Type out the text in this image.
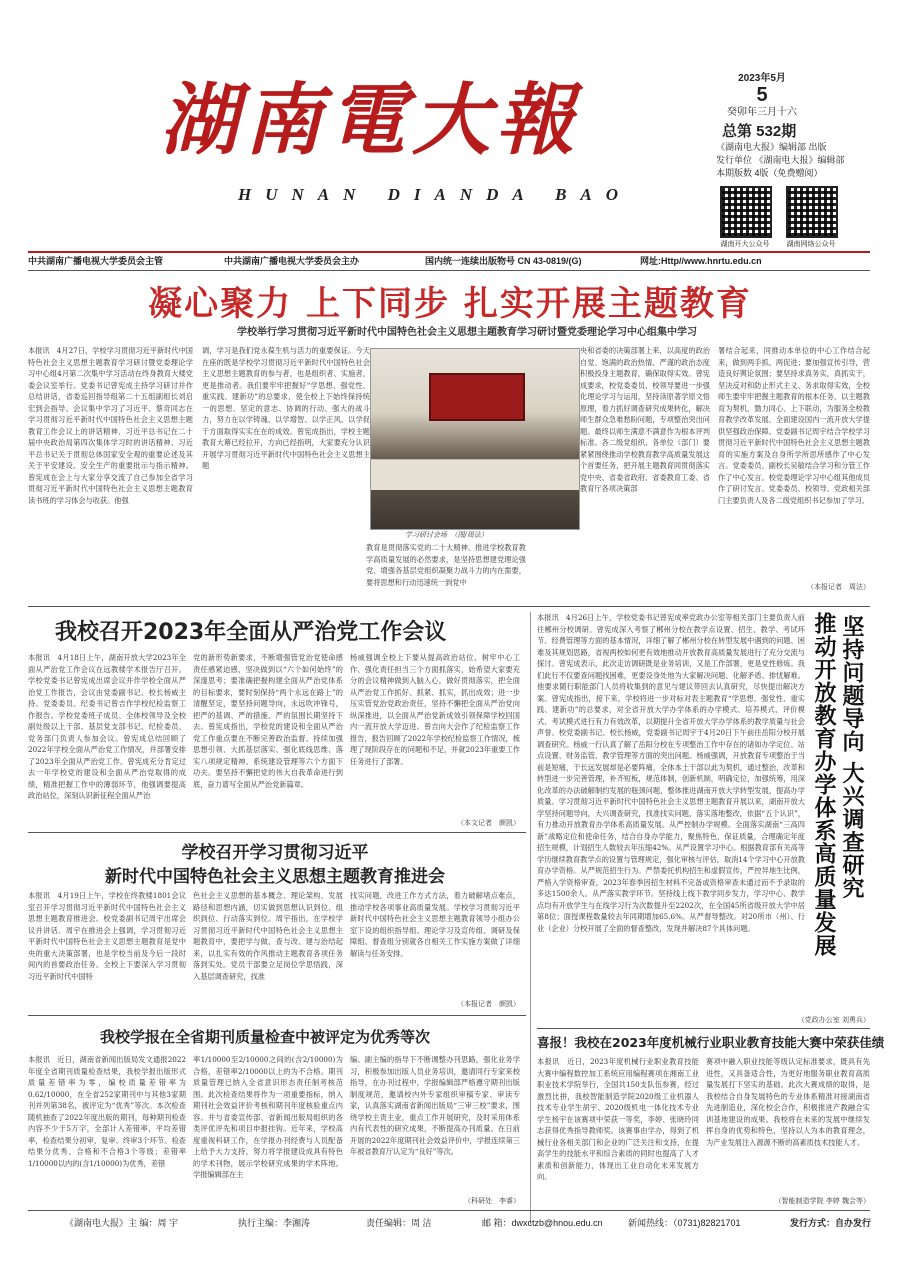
湖南電大報
HUNAN DIANDA BAO
2023年5月
5
癸卯年三月十六
总第 532期
《湖南电大报》编辑部 出版
发行单位 《湖南电大报》编辑部
本期版数 4版（免费赠阅）
湖南开大公众号	湖南网络公众号
中共湖南广播电视大学委员会主管	中共湖南广播电视大学委员会主办	国内统一连续出版物号 CN 43-0819/(G)	网址:Http//www.hnrtu.edu.cn
凝心聚力 上下同步 扎实开展主题教育
学校举行学习贯彻习近平新时代中国特色社会主义思想主题教育学习研讨暨党委理论学习中心组集中学习
本报讯　4月27日，学校学习贯彻习近平新时代中国特色社会主义思想主题教育学习研讨暨党委理论学习中心组4月第二次集中学习活动在终身教育大楼党委会议室举行。党委书记曾宪成主持学习研讨并作总结讲话，省委巡回指导组第二十五组副组长刘启宏到会指导。会议集中学习了习近平、蔡奇同志在学习贯彻习近平新时代中国特色社会主义思想主题教育工作会议上的讲话精神、习近平总书记在二十届中央政治局第四次集体学习时的讲话精神、习近平总书记关于贯彻总体国家安全观的重要论述及其关于平安建设、安全生产的重要批示与指示精神。曾宪成在会上与大家分享交流了自己参加全省学习贯彻习近平新时代中国特色社会主义思想主题教育读书班的学习体会与收获。他强
调，学习是我们党永葆生机与活力的重要保证。今天在座的既是学校学习贯彻习近平新时代中国特色社会主义思想主题教育的参与者，也是组织者、实施者，更是推动者。我们要牢牢把握好“学思想、强党性、重实践、建新功”的总要求，使全校上下始终保持统一的思想、坚定的意志、协调的行动、强大的战斗力，努力在以学铸魂、以学增智、以学正风、以学促干方面取得实实在在的成效。曾宪成指出，学校主题教育大幕已经拉开，方向已经指明，大家要充分认识开展学习贯彻习近平新时代中国特色社会主义思想主题
学习研讨会场　（图/周法）
教育是贯彻落实党的二十大精神、推进学校教育教学高质量发展的必然要求，是坚持思想建党理论强党、增强各基层党组织凝聚力战斗力的内在需要，要将思想和行动迅速统一到党中
央和省委的决策部署上来，以高度的政治自觉、饱满的政治热情、严谨的政治态度积极投身主题教育，确保取得实效。曾宪成要求，校党委委员、校领导要进一步强化理论学习与运用，坚持读原著学原文悟原理，着力抓好调查研究成果转化，解决师生群众急难愁盼问题，专项整治突出问题。最终以师生满意不满意作为根本评判标准。各二级党组织、各单位（部门）要紧紧围绕推动学校教育教学高质量发展这个首要任务，把开展主题教育同贯彻落实党中央、省委省政府、省委教育工委、省教育厅各项决策部
署结合起来，同推动本单位的中心工作结合起来，做到两手抓、两促进；要加强宣传引导，营造良好舆论氛围；要坚持求真务实，真抓实干，坚决反对和防止形式主义、务求取得实效，全校师生要牢牢把握主题教育的根本任务，以主题教育为契机，勠力同心、上下联动，为服务全校教育教学改革发展、全面建设国内一流开放大学提供坚强政治保障。党委副书记周宇结合学校学习贯彻习近平新时代中国特色社会主义思想主题教育的实施方案及自身所学所思所感作了中心发言。党委委员、副校长吴敏结合学习和分管工作作了中心发言。校党委理论学习中心组其他成员作了研讨发言。党委委员、校领导、党政相关部门主要负责人及各二级党组织书记参加了学习。
（本报记者　周法）
我校召开2023年全面从严治党工作会议
本报讯　4月18日上午，湖南开放大学2023年全面从严治党工作会议在远教楼学术报告厅召开。学校党委书记曾宪成出席会议并作学校全面从严治党工作报告，会议由党委副书记、校长杨威主持。党委委员、纪委书记曾吉作学校纪检监察工作报告。学校党委班子成员、全体校领导及全校副处级以上干部、基层党支部书记、纪检委员、党务部门负责人参加会议。曾宪成总结回顾了2022年学校全面从严治党工作情况，并部署安排了2023年全面从严治党工作。曾宪成充分肯定过去一年学校党的建设和全面从严治党取得的成绩，精准把握工作中的薄弱环节，他强调要提高政治站位，深刻认识新征程全面从严治
党的新形势新要求，不断增强管党治党使命感责任感紧迫感，坚决做到以“六个如何始终”的深邃思考；要准确把握构建全面从严治党体系的目标要求，要时刻保持“两个永远在路上”的清醒坚定，要坚持问题导向，永远吹冲锋号，把严的基调、严的措施、严的氛围长期坚持下去。曾宪成指出，学校党的建设和全面从严治党工作重点要在不断完善政治监督、持续加强思想引领、大抓基层落实、强化底线思维、落实八项规定精神、系统建设管理等六个方面下功夫。要坚持不懈把党的伟大自我革命进行到底，奋力谱写全面从严治党新篇章。
杨威强调全校上下要从提高政治站位、树牢中心工作、强化责任担当三个方面抓落实，始希望大家要充分的会议精神做到入脑入心，做好贯彻落实，把全面从严治党工作抓好、抓紧、抓实，抓出成效；进一步压实管党治党政治责任，坚持不懈把全面从严治党向纵深推进，以全面从严治党新成效引领保障学校回国内一流开放大学迈进。曾吉向大会作了纪检监察工作报告，报告回顾了2022年学校纪检监察工作情况，梳理了现阶段存在的问题和不足，并就2023年重要工作任务进行了部署。
（本文记者　颜凯）
学校召开学习贯彻习近平
新时代中国特色社会主义思想主题教育推进会
本报讯　4月19日上午，学校在终教楼1801会议室召开学习贯彻习近平新时代中国特色社会主义思想主题教育推进会。校党委副书记周宇出席会议并讲话。周宇在推进会上强调，学习贯彻习近平新时代中国特色社会主义思想主题教育是党中央的重大决策部署，也是学校当前及今后一段时间内的首要政治任务。全校上下要深入学习贯彻习近平新时代中国特
色社会主义思想的基本概念、理论架构、发展路径和思想内涵，切实做到思想认识到位、组织到位、行动落实到位。周宇指出，在学校学习贯彻习近平新时代中国特色社会主义思想主题教育中，要把学与做、查与改、建与治结起来，以扎实有效的作风推动主题教育各项任务落到实处。党员干部要立足岗位学思悟践，深入基层调查研究，找准
找实问题，改进工作方式方法，着力破解堵点难点，推动学校各项事业高质量发展。学校学习贯彻习近平新时代中国特色社会主义思想主题教育领导小组办公室下设的组织指导组、理论学习及宣传组、调研及保障组、督查组分别就各自相关工作实施方案做了详细解读与任务安排。
（本报记者　颜凯）
我校学报在全省期刊质量检查中被评定为优秀等次
本报讯　近日，湖南省新闻出版局发文通报2022年度全省期刊质量检查结果，我校学报出版形式质量差错率为零，编校质量差错率为0.62/10000，在全省252家期刊中与其他3家期刊并列第38名，被评定为“优秀”等次。本次检查随机抽查了2022年度出版的期刊，每种期刊检查内容不少于5万字，全部计入差错率，平均差错率，检查结果分初审、复审、终审3个环节。检查结果分优秀、合格和不合格3个等级；差错率1/10000以内的(含1/10000)为优秀，差错
率1/10000至2/10000之间的(含2/10000)为合格，差错率2/10000以上的为不合格。期刊质量管理已纳入全省意识形态责任制考核范围。此次检查结果将作为一项重要指标，纳入期刊社会效益评价考核和期刊年度核验重点内容。并与省委宣传部、省新闻出版局组织的各类评优评先和项目申报挂钩。近年来，学校高度重视科研工作，在学报办刊经费与人员配备上给予大力支持，努力将学报建设成具有特色的学术刊物，展示学校研究成果的学术阵地。学报编辑部在主
编、副主编的指导下不断调整办刊思路，强化业务学习，积极参加出版人员业务培训，邀请同行专家来校指导，在办刊过程中，学报编辑部严格遵守期刊出版制度规范，邀请校内外专家组织审稿专家、审读专家，认真落实湖南省新闻出版局“三审三校”要求，围绕学校主责主业，重点工作开展研究，及时采用体系内有代表性的研究成果，不断提高办刊质量。在日前开展的2022年度期刊社会效益评价中，学报连续第三年被省教育厅认定为“良好”等次。
（科研处　李睿）
本报讯　4月26日上午，学校党委书记曾宪成率党政办公室等相关部门主要负责人前往郴州分校调研。曾宪成深入考察了郴州分校在教学点设置、招生、教学、考试环节、经费管理等方面的基本情况，详细了解了郴州分校在转型发展中遇到的问题、困难及其规划思路，省视两校如何更有效地推动开放教育高质量发展进行了充分交流与探讨。曾宪成表示，此次走访调研既是业务培训，又是工作部署，更是党性修炼。我们此行不仅要查问题找困难，更要设身处地为大家解决问题、化解矛盾、排忧解难。他要求随行职能部门人员将收集到的意见与建议带回去认真研究，尽快提出解决方案。曾宪成指出，接下来，学校将进一步对标对表主题教育“学思想、强党性、重实践、建新功”的总要求，对全省开放大学办学体系的办学模式、培养模式、评价模式、考试模式进行有力有效改革，以期提升全省开放大学办学体系的教学质量与社会声誉。校党委副书记、校长杨威，党委副书记周宇于4月20日下午前往岳阳分校开展调查研究。杨威一行认真了解了岳阳分校在专项整治工作中存在的诸如办学定位、站点设置、财务监管、教学管理等方面的突出问题。杨威强调，开放教育专项整治于当前是短痛，于长远发展却是必要阵痛，全体本土干部以此为契机，通过整治，改革和转型进一步完善管理，补齐短板，规范体制，创新机制，明确定位，加强统筹，用深化改革的办法破解制约发展的瓶颈问题，整体推进湖南开放大学转型发展，提高办学质量。学习贯彻习近平新时代中国特色社会主义思想主题教育开展以来，湖南开放大学坚持问题导向，大兴调查研究，找准找实问题，落实落地整改，依据“五个认识”，有力推动开放教育办学体系高质量发展。从严控制办学规模。全面落实湖南“三高四新”战略定位和使命任务，结合自身办学能力，聚焦特色，保证质量，合理确定年度招生规模，计划招生人数较去年压缩42%。从严设置学习中心。根据教育部有关高等学历继续教育教学点的设置与管理规定，强化审核与评估，取消14个学习中心开放教育办学资格。从严规范招生行为。严禁委托机构招生和虚假宣传，严控异地生比例，严格入学资格审查，2023年春季因招生材料不完备或资格审查未通过而不予录取的多达1500余人。从严落实教学环节。坚持线上线下教学同步发力，学习中心、教学点均有开放学生与在线学习行为次数提升至2202次，在全国45所省级开放大学中居第8位；面授课程数量较去年同期增加65.6%。从严督导整改。对20所市（州）、行业（企业）分校开展了全面的督查整改，发现并解决87个具体问题。
坚持问题导向 大兴调查研究
推动开放教育办学体系高质量发展
（党政办公室 刘勇兵）
喜报！我校在2023年度机械行业职业教育技能大赛中荣获佳绩
本报讯　近日，2023年度机械行业职业教育技能大赛中编程数控加工系统应用编程赛项在湘南工业职业技术学院举行，全国共150支队伍参赛，经过激烈比拼，我校智能制造学院2020级工业机器人技术专业学生胡宇、2020级机电一体化技术专业学生杨宇在该赛项中荣获一等奖，李婷、张晓玲同志获得优秀指导教师奖。该赛事由学办，得到了机械行业各相关部门和企业的广泛关注和支持，在提高学生的技能水平和综合素质的同时也提高了人才素质和创新能力，体现出工业自动化未来发展方向。
赛项中融入职业技能等级认定标准要求，既具有先进性，又具备适合性，为更好地服务职业教育高质量发展打下坚实的基础。此次大赛成绩的取得，是我校结合自身发展特色的专业体系精准对接湖南省先进制造业，深化校企合作，积极推进产教融合实训基地建设的成果。我校将在未来的发展中继续发挥自身的优势和特色，坚持以人为本的教育理念，为产业发展注入源源不断的高素质技术技能人才。
（智能制造学院 李婷 魏会等）
《湖南电大报》主 编：周 宇	执行主编：李湘涛	责任编辑：周 洁	邮 箱：dwxctzb@hnou.edu.cn	新闻热线：（0731)82821701	发行方式：自办发行
